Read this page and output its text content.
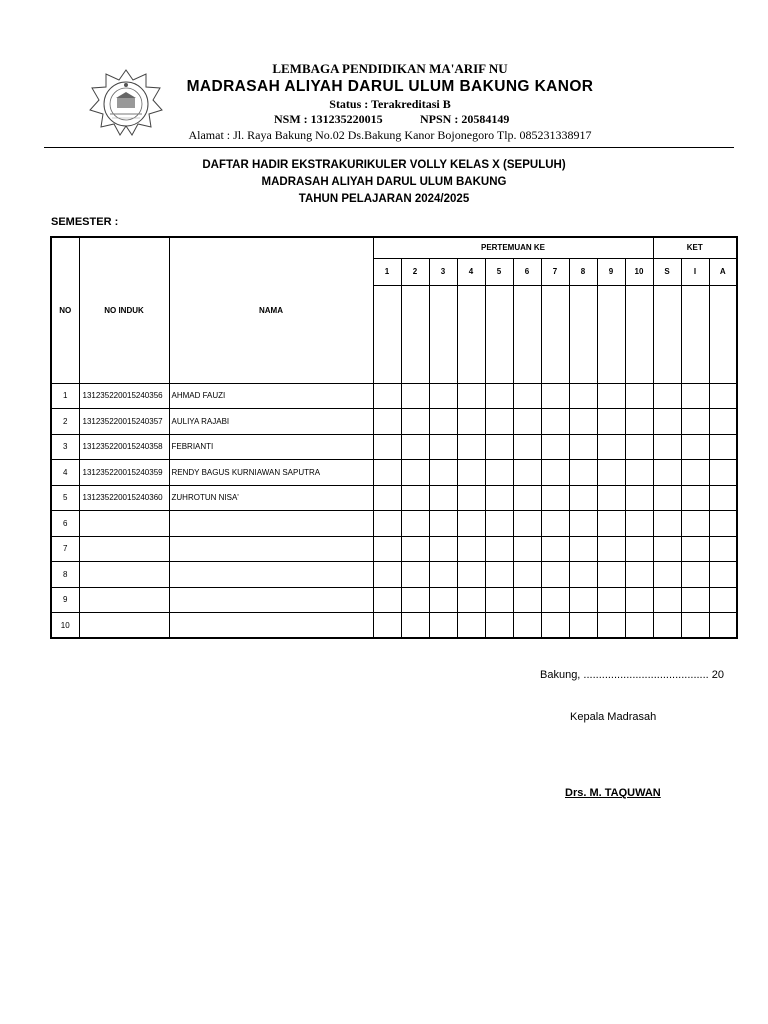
LEMBAGA PENDIDIKAN MA'ARIF NU
MADRASAH ALIYAH DARUL ULUM BAKUNG KANOR
Status : Terakreditasi B
NSM : 131235220015	NPSN : 20584149
Alamat : Jl. Raya Bakung No.02 Ds.Bakung Kanor Bojonegoro Tlp. 085231338917
DAFTAR HADIR EKSTRAKURIKULER VOLLY KELAS X (SEPULUH)
MADRASAH ALIYAH DARUL ULUM BAKUNG
TAHUN PELAJARAN 2024/2025
SEMESTER :
NO	NO INDUK	NAMA	PERTEMUAN KE										KET		
			1	2	3	4	5	6	7	8	9	10	S	I	A

1	131235220015240356	AHMAD FAUZI													
2	131235220015240357	AULIYA RAJABI													
3	131235220015240358	FEBRIANTI													
4	131235220015240359	RENDY BAGUS KURNIAWAN SAPUTRA													
5	131235220015240360	ZUHROTUN NISA'													
6															
7															
8															
9															
10															
Bakung, ......................................... 20
Kepala Madrasah
Drs. M. TAQUWAN
